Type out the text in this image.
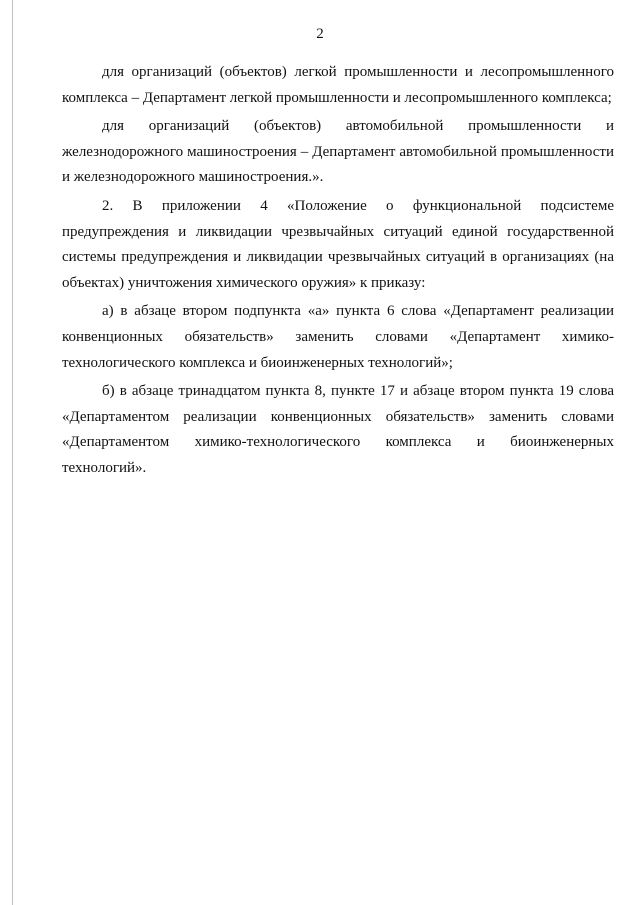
2

для организаций (объектов) легкой промышленности и лесопромышленного комплекса – Департамент легкой промышленности и лесопромышленного комплекса;

для организаций (объектов) автомобильной промышленности и железнодорожного машиностроения – Департамент автомобильной промышленности и железнодорожного машиностроения.».

2. В приложении 4 «Положение о функциональной подсистеме предупреждения и ликвидации чрезвычайных ситуаций единой государственной системы предупреждения и ликвидации чрезвычайных ситуаций в организациях (на объектах) уничтожения химического оружия» к приказу:

а) в абзаце втором подпункта «а» пункта 6 слова «Департамент реализации конвенционных обязательств» заменить словами «Департамент химико-технологического комплекса и биоинженерных технологий»;

б) в абзаце тринадцатом пункта 8, пункте 17 и абзаце втором пункта 19 слова «Департаментом реализации конвенционных обязательств» заменить словами «Департаментом химико-технологического комплекса и биоинженерных технологий».
